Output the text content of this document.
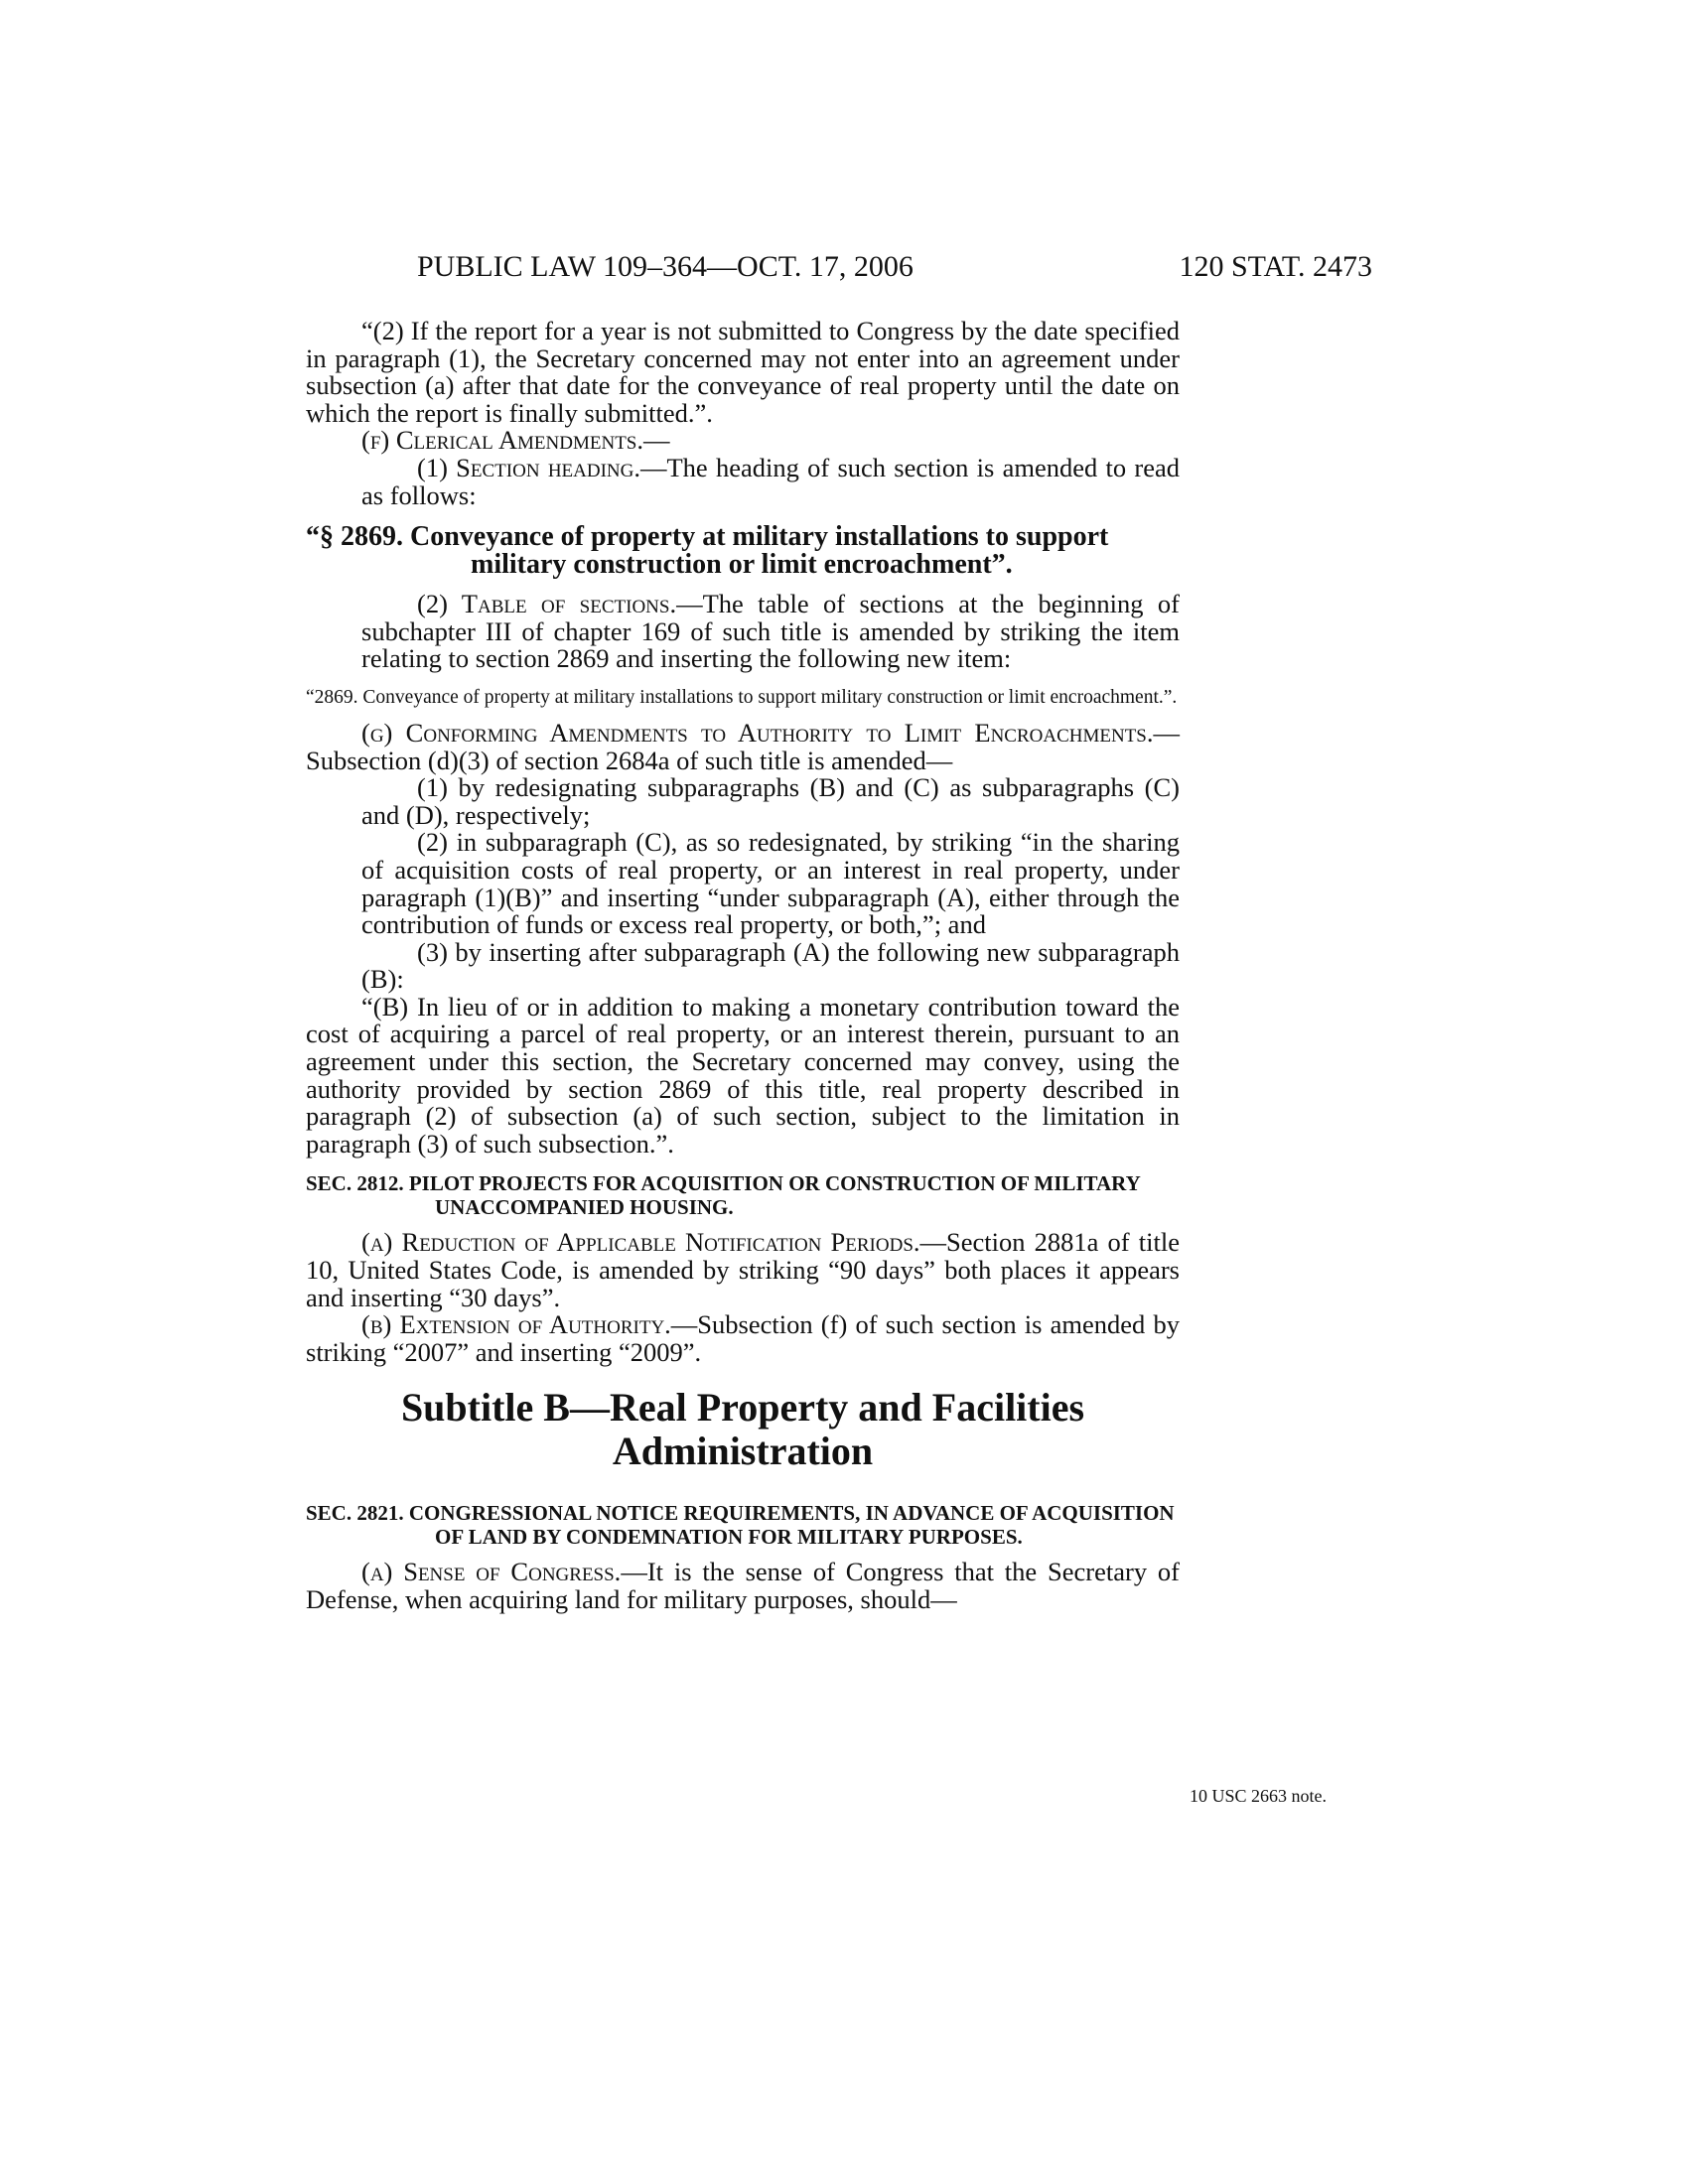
PUBLIC LAW 109–364—OCT. 17, 2006	120 STAT. 2473

“(2) If the report for a year is not submitted to Congress by the date specified in paragraph (1), the Secretary concerned may not enter into an agreement under subsection (a) after that date for the conveyance of real property until the date on which the report is finally submitted.”.

(f) Clerical Amendments.—

(1) Section heading.—The heading of such section is amended to read as follows:

“§ 2869. Conveyance of property at military installations to support military construction or limit encroachment”.

(2) Table of sections.—The table of sections at the beginning of subchapter III of chapter 169 of such title is amended by striking the item relating to section 2869 and inserting the following new item:

“2869. Conveyance of property at military installations to support military construction or limit encroachment.”.

(g) Conforming Amendments to Authority to Limit Encroachments.—Subsection (d)(3) of section 2684a of such title is amended—

(1) by redesignating subparagraphs (B) and (C) as subparagraphs (C) and (D), respectively;

(2) in subparagraph (C), as so redesignated, by striking “in the sharing of acquisition costs of real property, or an interest in real property, under paragraph (1)(B)” and inserting “under subparagraph (A), either through the contribution of funds or excess real property, or both,”; and

(3) by inserting after subparagraph (A) the following new subparagraph (B):

“(B) In lieu of or in addition to making a monetary contribution toward the cost of acquiring a parcel of real property, or an interest therein, pursuant to an agreement under this section, the Secretary concerned may convey, using the authority provided by section 2869 of this title, real property described in paragraph (2) of subsection (a) of such section, subject to the limitation in paragraph (3) of such subsection.”.

SEC. 2812. PILOT PROJECTS FOR ACQUISITION OR CONSTRUCTION OF MILITARY UNACCOMPANIED HOUSING.

(a) Reduction of Applicable Notification Periods.—Section 2881a of title 10, United States Code, is amended by striking “90 days” both places it appears and inserting “30 days”.

(b) Extension of Authority.—Subsection (f) of such section is amended by striking “2007” and inserting “2009”.

Subtitle B—Real Property and Facilities Administration

SEC. 2821. CONGRESSIONAL NOTICE REQUIREMENTS, IN ADVANCE OF ACQUISITION OF LAND BY CONDEMNATION FOR MILITARY PURPOSES.

(a) Sense of Congress.—It is the sense of Congress that the Secretary of Defense, when acquiring land for military purposes, should—

10 USC 2663 note.
